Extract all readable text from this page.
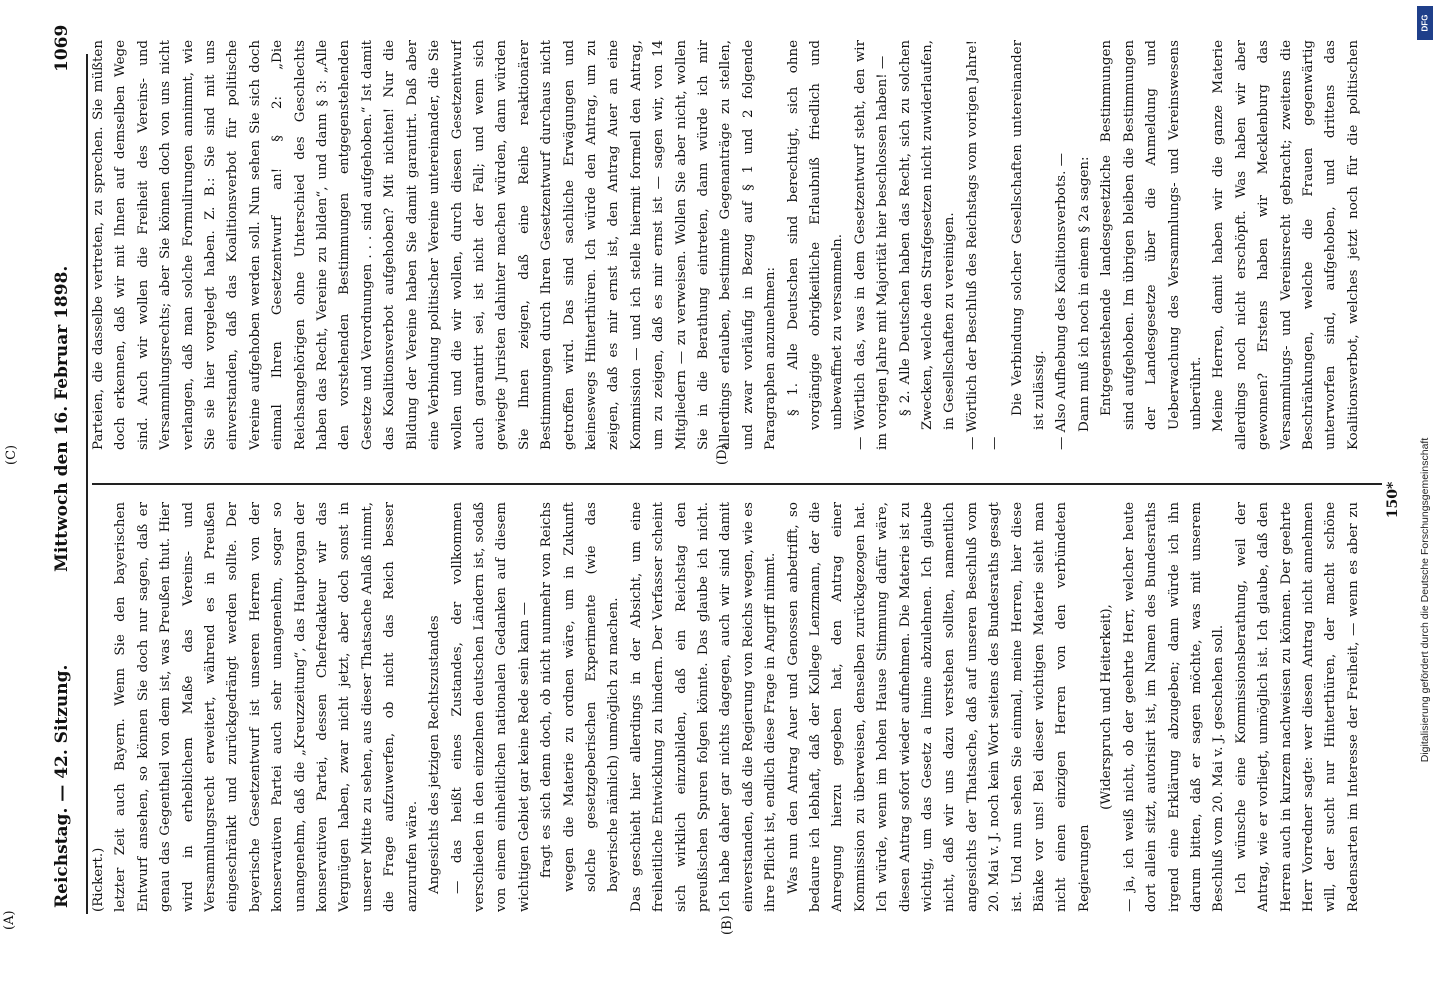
Reichstag. — 42. Sitzung.
Mittwoch den 16. Februar 1898.
1069
(A)	(B)

(Rickert.) letzter Zeit auch Bayern. Wenn Sie den bayerischen Entwurf ansehen, so können Sie doch nur sagen, daß er genau das Gegentheil von dem ist, was Preußen thut. Hier wird in erheblichem Maße das Vereins- und Versammlungsrecht erweitert, während es in Preußen eingeschränkt und zurückgedrängt werden sollte. Der bayerische Gesetzentwurf ist unseren Herren von der konservativen Partei auch sehr unangenehm, sogar so unangenehm, daß die „Kreuzzeitung“, das Hauptorgan der konservativen Partei, dessen Chefredakteur wir das Vergnügen haben, zwar nicht jetzt, aber doch sonst in unserer Mitte zu sehen, aus dieser Thatsache Anlaß nimmt, die Frage aufzuwerfen, ob nicht das Reich besser anzurufen wäre. Angesichts des jetzigen Rechtszustandes — das heißt eines Zustandes, der vollkommen verschieden in den einzelnen deutschen Ländern ist, sodaß von einem einheitlichen nationalen Gedanken auf diesem wichtigen Gebiet gar keine Rede sein kann — fragt es sich denn doch, ob nicht nunmehr von Reichs wegen die Materie zu ordnen wäre, um in Zukunft solche gesetzgeberischen Experimente (wie das bayerische nämlich) unmöglich zu machen. Das geschieht hier allerdings in der Absicht, um eine freiheitliche Entwicklung zu hindern. Der Verfasser scheint sich wirklich einzubilden, daß ein Reichstag den preußischen Spuren folgen könnte. Das glaube ich nicht. Ich habe daher gar nichts dagegen, auch wir sind damit einverstanden, daß die Regierung von Reichs wegen, wie es ihre Pflicht ist, endlich diese Frage in Angriff nimmt. Was nun den Antrag Auer und Genossen anbetrifft, so bedaure ich lebhaft, daß der Kollege Lenzmann, der die Anregung hierzu gegeben hat, den Antrag einer Kommission zu überweisen, denselben zurückgezogen hat. Ich würde, wenn im hohen Hause Stimmung dafür wäre, diesen Antrag sofort wieder aufnehmen. Die Materie ist zu wichtig, um das Gesetz a limine abzulehnen. Ich glaube nicht, daß wir uns dazu verstehen sollten, namentlich angesichts der Thatsache, daß auf unseren Beschluß vom 20. Mai v. J. noch kein Wort seitens des Bundesraths gesagt ist. Und nun sehen Sie einmal, meine Herren, hier diese Bänke vor uns! Bei dieser wichtigen Materie sieht man nicht einen einzigen Herren von den verbündeten Regierungen

(Widerspruch und Heiterkeit), — ja, ich weiß nicht, ob der geehrte Herr, welcher heute dort allein sitzt, autorisirt ist, im Namen des Bundesraths irgend eine Erklärung abzugeben; dann würde ich ihn darum bitten, daß er sagen möchte, was mit unserem Beschluß vom 20. Mai v. J. geschehen soll. Ich wünsche eine Kommissionsberathung, weil der Antrag, wie er vorliegt, unmöglich ist. Ich glaube, daß den Herren auch in kurzem nachweisen zu können. Der geehrte Herr Vorredner sagte: wer diesen Antrag nicht annehmen will, der sucht nur Hinterthüren, der macht schöne Redensarten im Interesse der Freiheit, — wenn es aber zu

Parteien, die dasselbe vertreten, zu sprechen. Sie müßten doch erkennen, daß wir mit Ihnen auf demselben Wege sind. Auch wir wollen die Freiheit des Vereins- und Versammlungsrechts; aber Sie können doch von uns nicht verlangen, daß man solche Formulirungen annimmt, wie Sie sie hier vorgelegt haben. Z. B.: Sie sind mit uns einverstanden, daß das Koalitionsverbot für politische Vereine aufgehoben werden soll. Nun sehen Sie sich doch einmal Ihren Gesetzentwurf an! § 2: „Die Reichsangehörigen ohne Unterschied des Geschlechts haben das Recht, Vereine zu bilden“, und dann § 3: „Alle den vorstehenden Bestimmungen entgegenstehenden Gesetze und Verordnungen . . . sind aufgehoben.“ Ist damit das Koalitionsverbot aufgehoben? Mit nichten! Nur die Bildung der Vereine haben Sie damit garantirt. Daß aber eine Verbindung politischer Vereine untereinander, die Sie wollen und die wir wollen, durch diesen Gesetzentwurf auch garantirt sei, ist nicht der Fall; und wenn sich gewiegte Juristen dahinter machen würden, dann würden Sie Ihnen zeigen, daß eine Reihe reaktionärer Bestimmungen durch Ihren Gesetzentwurf durchaus nicht getroffen wird. Das sind sachliche Erwägungen und keineswegs Hinterthüren. Ich würde den Antrag, um zu zeigen, daß es mir ernst ist, den Antrag Auer an eine Kommission — und ich stelle hiermit formell den Antrag, um zu zeigen, daß es mir ernst ist — sagen wir, von 14 Mitgliedern — zu verweisen. Wollen Sie aber nicht, wollen Sie in die Berathung eintreten, dann würde ich mir allerdings erlauben, bestimmte Gegenanträge zu stellen, und zwar vorläufig in Bezug auf § 1 und 2 folgende Paragraphen anzunehmen: § 1. Alle Deutschen sind berechtigt, sich ohne vorgängige obrigkeitliche Erlaubniß friedlich und unbewaffnet zu versammeln. — Wörtlich das, was in dem Gesetzentwurf steht, den wir im vorigen Jahre mit Majorität hier beschlossen haben! — § 2. Alle Deutschen haben das Recht, sich zu solchen Zwecken, welche den Strafgesetzen nicht zuwiderlaufen, in Gesellschaften zu vereinigen. — Wörtlich der Beschluß des Reichstags vom vorigen Jahre! —

Die Verbindung solcher Gesellschaften untereinander ist zulässig. — Also Aufhebung des Koalitionsverbots. — Dann muß ich noch in einem § 2a sagen: Entgegenstehende landesgesetzliche Bestimmungen sind aufgehoben. Im übrigen bleiben die Bestimmungen der Landesgesetze über die Anmeldung und Ueberwachung des Versammlungs- und Vereinswesens unberührt. Meine Herren, damit haben wir die ganze Materie allerdings noch nicht erschöpft. Was haben wir aber gewonnen? Erstens haben wir Mecklenburg das Versammlungs- und Vereinsrecht gebracht; zweitens die Beschränkungen, welche die Frauen gegenwärtig unterworfen sind, aufgehoben, und drittens das Koalitionsverbot, welches jetzt noch für die politischen

(C)	(D)
150*
DFG
Digitalisierung gefördert durch die Deutsche Forschungsgemeinschaft
